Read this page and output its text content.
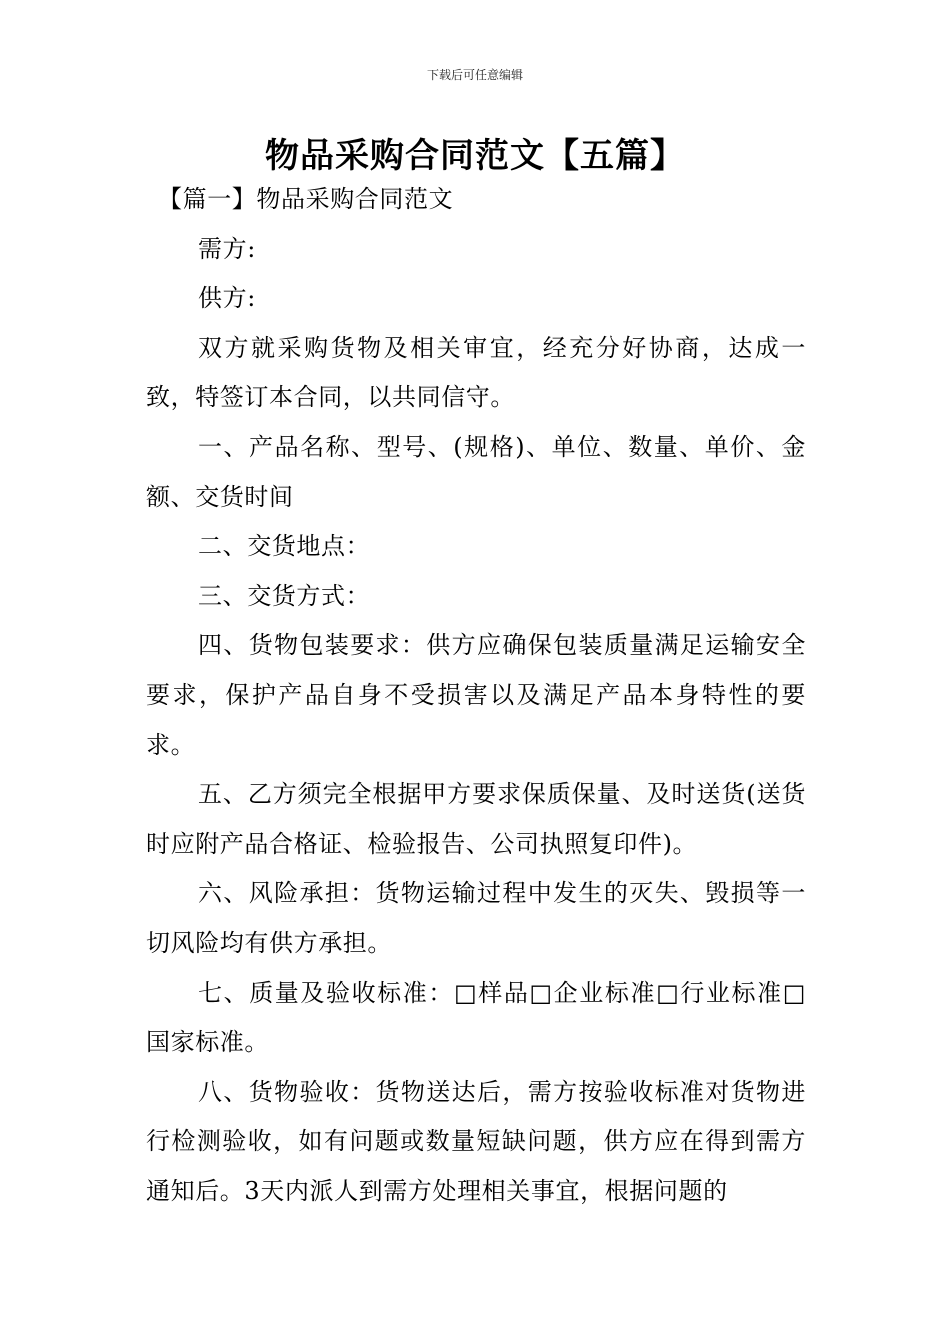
下载后可任意编辑
物品采购合同范文【五篇】

【篇一】物品采购合同范文

需方:

供方:

双方就采购货物及相关审宜，经充分好协商，达成一致，特签订本合同，以共同信守。

一、产品名称、型号、(规格)、单位、数量、单价、金额、交货时间

二、交货地点：

三、交货方式：

四、货物包装要求：供方应确保包装质量满足运输安全要求，保护产品自身不受损害以及满足产品本身特性的要求。

五、乙方须完全根据甲方要求保质保量、及时送货(送货时应附产品合格证、检验报告、公司执照复印件)。

六、风险承担：货物运输过程中发生的灭失、毁损等一切风险均有供方承担。

七、质量及验收标准：□样品□企业标准□行业标准□国家标准。

八、货物验收：货物送达后，需方按验收标准对货物进行检测验收，如有问题或数量短缺问题，供方应在得到需方通知后。3天内派人到需方处理相关事宜，根据问题的
